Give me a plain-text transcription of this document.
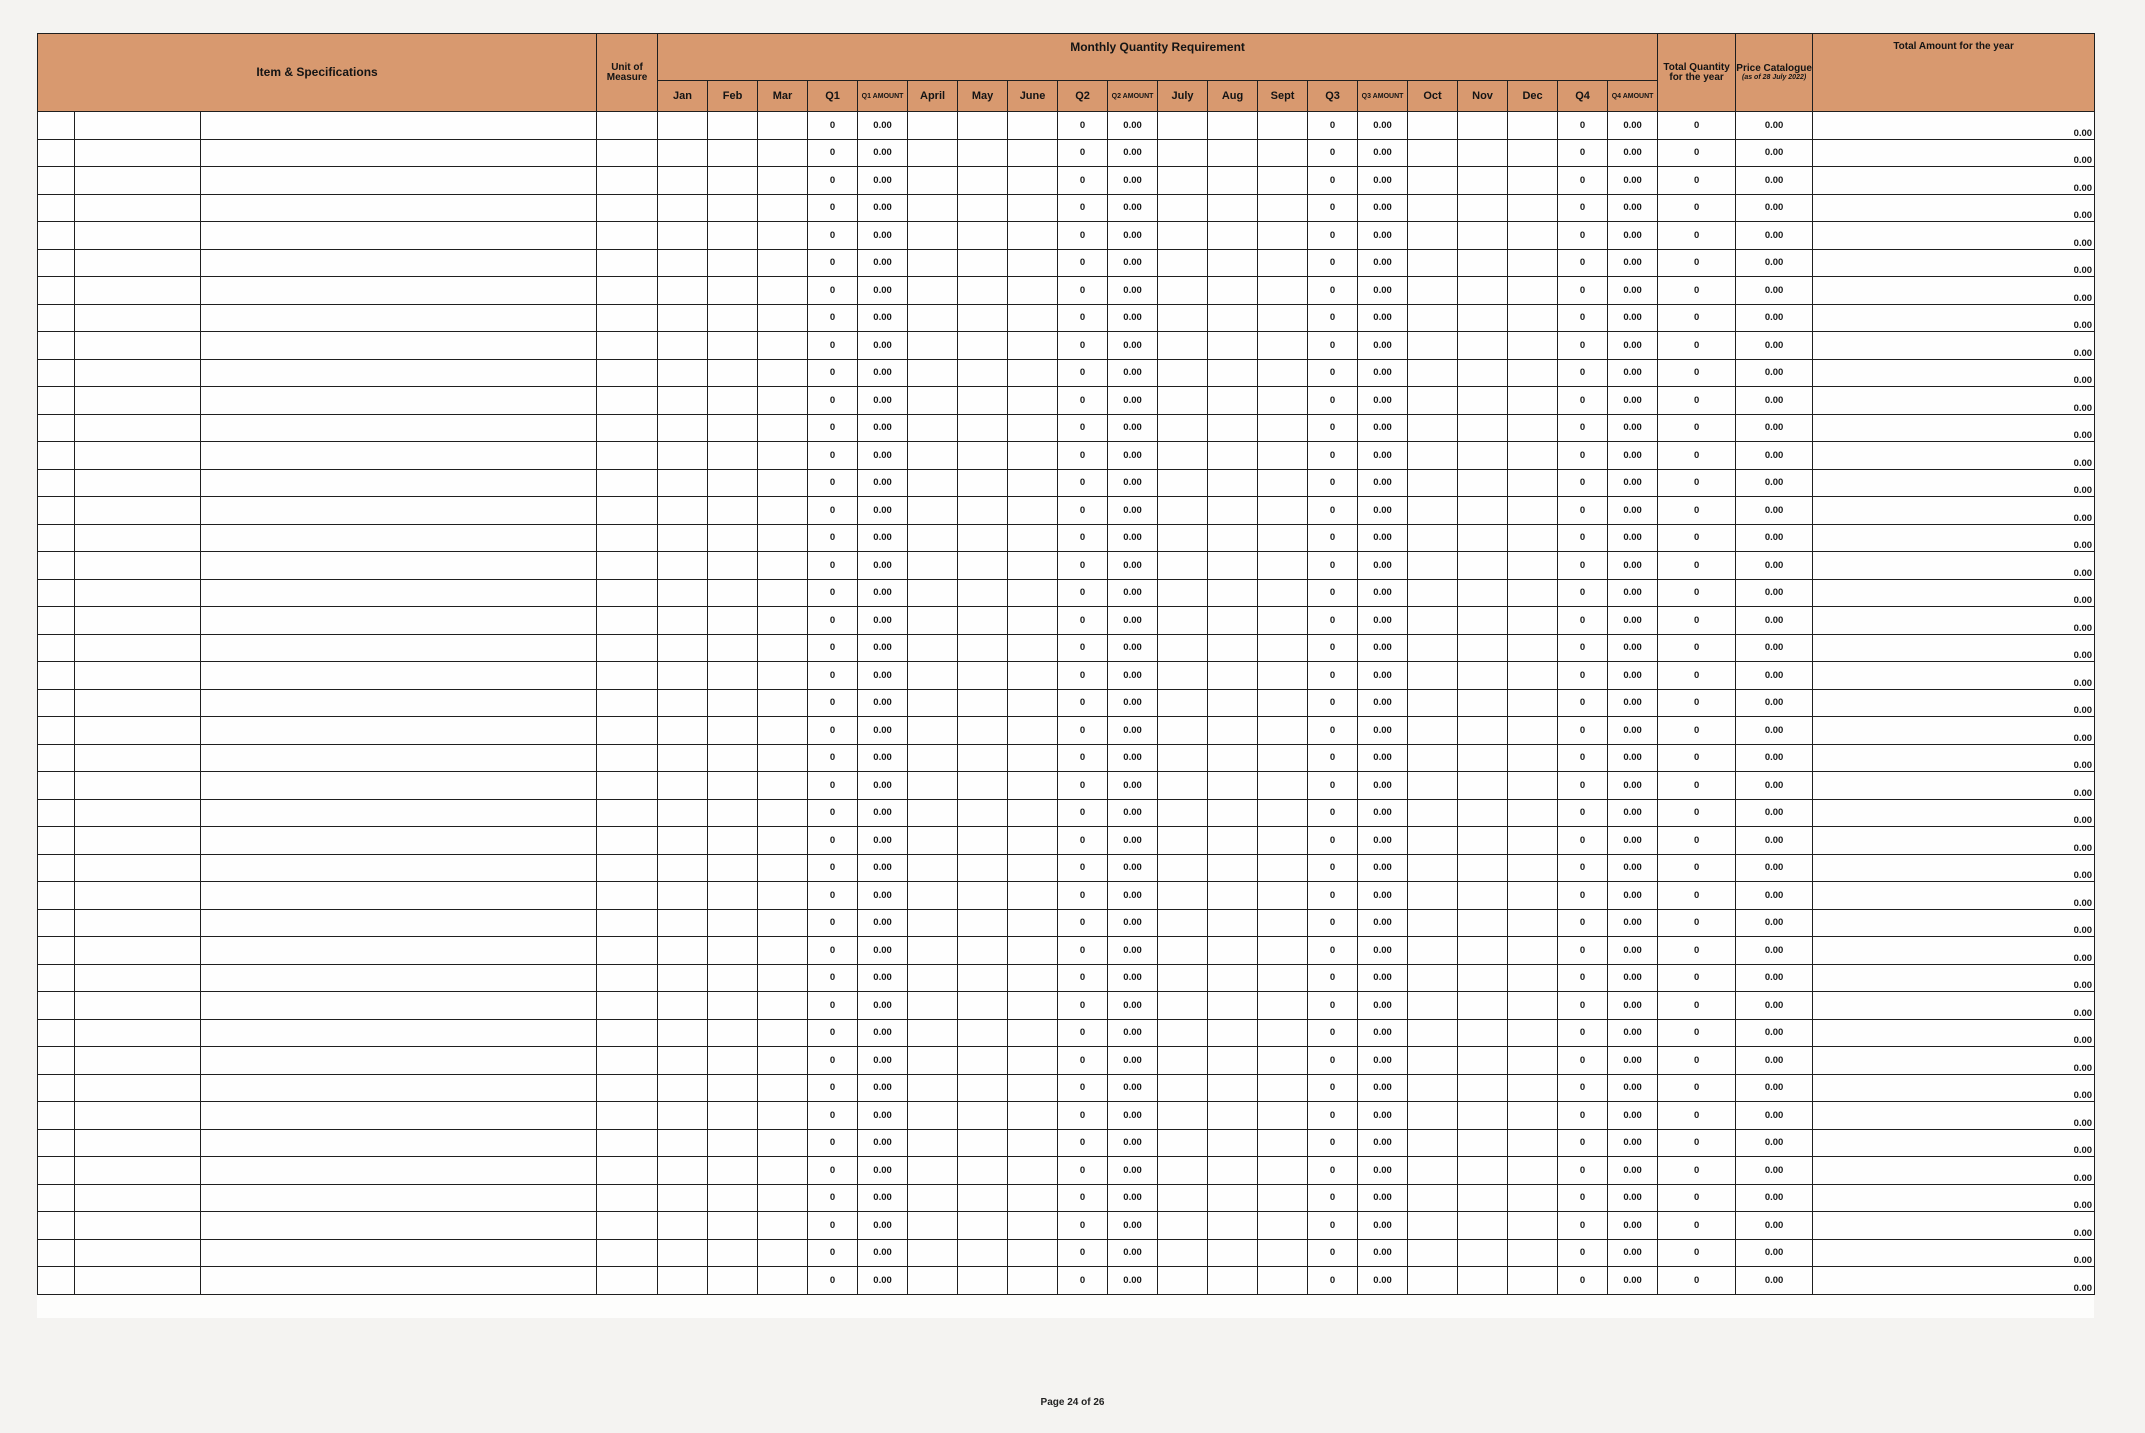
Item & Specifications			Unit of Measure	Monthly Quantity Requirement																				Total Quantity for the year	Price Catalogue
(as of 28 July 2022)	Total Amount for the year
				Jan	Feb	Mar	Q1	Q1 AMOUNT	April	May	June	Q2	Q2 AMOUNT	July	Aug	Sept	Q3	Q3 AMOUNT	Oct	Nov	Dec	Q4	Q4 AMOUNT			
							0	0.00				0	0.00				0	0.00				0	0.00	0	0.00	0.00
							0	0.00				0	0.00				0	0.00				0	0.00	0	0.00	0.00
							0	0.00				0	0.00				0	0.00				0	0.00	0	0.00	0.00
							0	0.00				0	0.00				0	0.00				0	0.00	0	0.00	0.00
							0	0.00				0	0.00				0	0.00				0	0.00	0	0.00	0.00
							0	0.00				0	0.00				0	0.00				0	0.00	0	0.00	0.00
							0	0.00				0	0.00				0	0.00				0	0.00	0	0.00	0.00
							0	0.00				0	0.00				0	0.00				0	0.00	0	0.00	0.00
							0	0.00				0	0.00				0	0.00				0	0.00	0	0.00	0.00
							0	0.00				0	0.00				0	0.00				0	0.00	0	0.00	0.00
							0	0.00				0	0.00				0	0.00				0	0.00	0	0.00	0.00
							0	0.00				0	0.00				0	0.00				0	0.00	0	0.00	0.00
							0	0.00				0	0.00				0	0.00				0	0.00	0	0.00	0.00
							0	0.00				0	0.00				0	0.00				0	0.00	0	0.00	0.00
							0	0.00				0	0.00				0	0.00				0	0.00	0	0.00	0.00
							0	0.00				0	0.00				0	0.00				0	0.00	0	0.00	0.00
							0	0.00				0	0.00				0	0.00				0	0.00	0	0.00	0.00
							0	0.00				0	0.00				0	0.00				0	0.00	0	0.00	0.00
							0	0.00				0	0.00				0	0.00				0	0.00	0	0.00	0.00
							0	0.00				0	0.00				0	0.00				0	0.00	0	0.00	0.00
							0	0.00				0	0.00				0	0.00				0	0.00	0	0.00	0.00
							0	0.00				0	0.00				0	0.00				0	0.00	0	0.00	0.00
							0	0.00				0	0.00				0	0.00				0	0.00	0	0.00	0.00
							0	0.00				0	0.00				0	0.00				0	0.00	0	0.00	0.00
							0	0.00				0	0.00				0	0.00				0	0.00	0	0.00	0.00
							0	0.00				0	0.00				0	0.00				0	0.00	0	0.00	0.00
							0	0.00				0	0.00				0	0.00				0	0.00	0	0.00	0.00
							0	0.00				0	0.00				0	0.00				0	0.00	0	0.00	0.00
							0	0.00				0	0.00				0	0.00				0	0.00	0	0.00	0.00
							0	0.00				0	0.00				0	0.00				0	0.00	0	0.00	0.00
							0	0.00				0	0.00				0	0.00				0	0.00	0	0.00	0.00
							0	0.00				0	0.00				0	0.00				0	0.00	0	0.00	0.00
							0	0.00				0	0.00				0	0.00				0	0.00	0	0.00	0.00
							0	0.00				0	0.00				0	0.00				0	0.00	0	0.00	0.00
							0	0.00				0	0.00				0	0.00				0	0.00	0	0.00	0.00
							0	0.00				0	0.00				0	0.00				0	0.00	0	0.00	0.00
							0	0.00				0	0.00				0	0.00				0	0.00	0	0.00	0.00
							0	0.00				0	0.00				0	0.00				0	0.00	0	0.00	0.00
							0	0.00				0	0.00				0	0.00				0	0.00	0	0.00	0.00
							0	0.00				0	0.00				0	0.00				0	0.00	0	0.00	0.00
							0	0.00				0	0.00				0	0.00				0	0.00	0	0.00	0.00
							0	0.00				0	0.00				0	0.00				0	0.00	0	0.00	0.00
							0	0.00				0	0.00				0	0.00				0	0.00	0	0.00	0.00
Page 24 of 26
